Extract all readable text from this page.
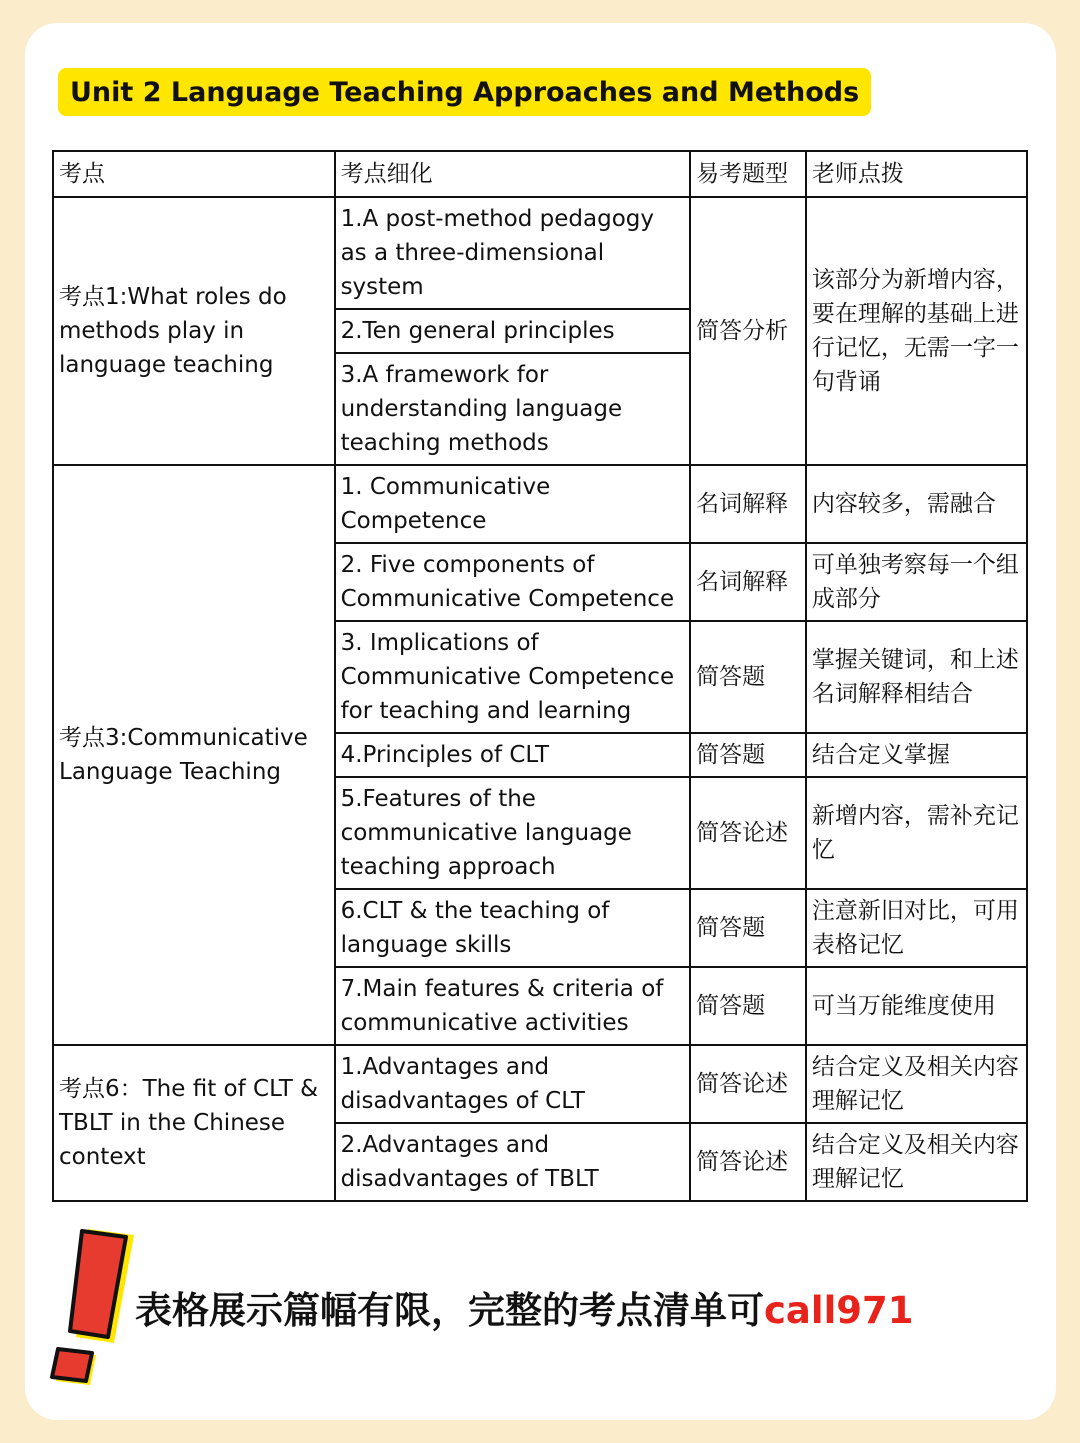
Unit 2 Language Teaching Approaches and Methods
考点	考点细化	易考题型	老师点拨
考点1:What roles do methods play in language teaching	1.A post-method pedagogy as a three-dimensional system	简答分析	该部分为新增内容，要在理解的基础上进行记忆，无需一字一句背诵
	2.Ten general principles		
	3.A framework for understanding language teaching methods		
考点3:Communicative Language Teaching	1. Communicative Competence	名词解释	内容较多，需融合
	2. Five components of Communicative Competence	名词解释	可单独考察每一个组成部分
	3. Implications of Communicative Competence for teaching and learning	简答题	掌握关键词，和上述名词解释相结合
	4.Principles of CLT	简答题	结合定义掌握
	5.Features of the communicative language teaching approach	简答论述	新增内容，需补充记忆
	6.CLT & the teaching of language skills	简答题	注意新旧对比，可用表格记忆
	7.Main features & criteria of communicative activities	简答题	可当万能维度使用
考点6：The fit of CLT & TBLT in the Chinese context	1.Advantages and disadvantages of CLT	简答论述	结合定义及相关内容理解记忆
	2.Advantages and disadvantages of TBLT	简答论述	结合定义及相关内容理解记忆
表格展示篇幅有限，完整的考点清单可call971
